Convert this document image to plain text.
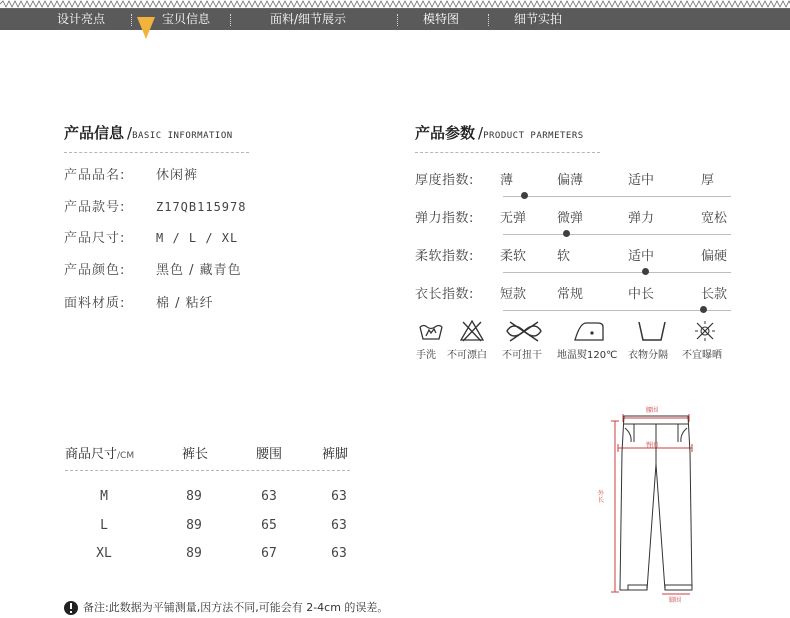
设计亮点	宝贝信息	面料/细节展示	模特图	细节实拍
产品信息 /BASIC INFORMATION
产品品名: 休闲裤
产品款号:	Z17QB115978
产品尺寸:	M / L / XL
产品颜色: 黑色 / 藏青色
面料材质: 棉 / 粘纤
产品参数 /PRODUCT PARMETERS
厚度指数: 薄	偏薄	适中	厚
弹力指数: 无弹 微弹	弹力	宽松
柔软指数: 柔软 软	适中	偏硬
衣长指数: 短款 常规	中长	长款
手洗 不可漂白 不可扭干 地温熨120℃ 衣物分隔 不宜曝晒
商品尺寸/CM	裤长	腰围	裤脚
M	89	63	63
L	89	65	63
XL	89	67	63
腰围
臀围
外长
脚围
备注:此数据为平铺测量,因方法不同,可能会有 2-4cm 的误差。
